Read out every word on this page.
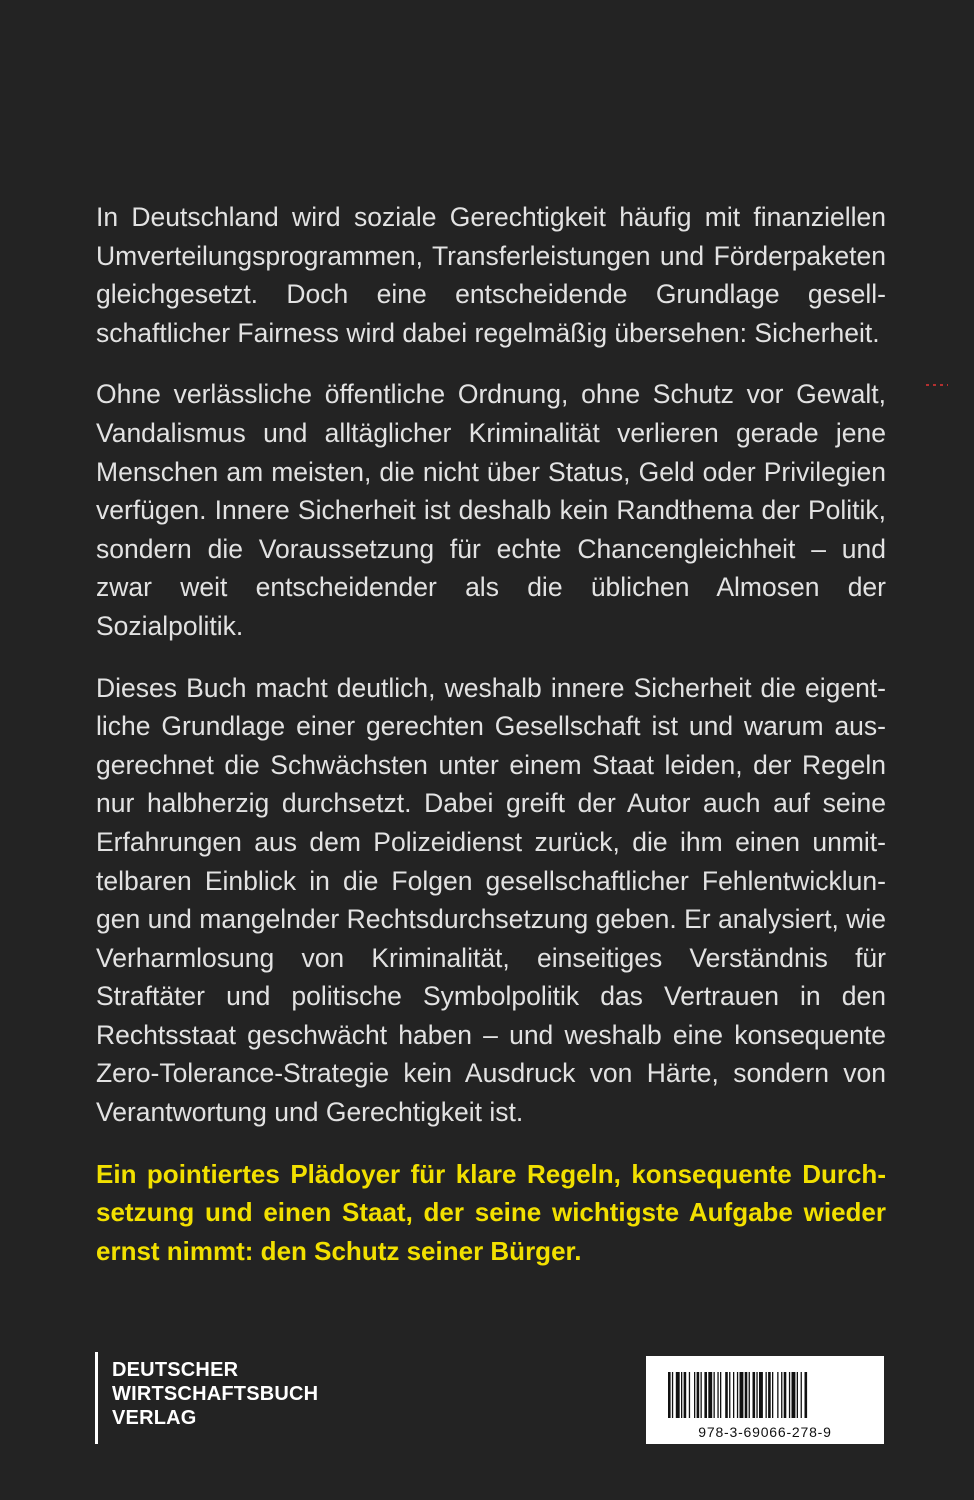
In Deutschland wird soziale Gerechtigkeit häufig mit finanziellen Umverteilungsprogrammen, Transferleistungen und Förderpaketen gleichgesetzt. Doch eine entscheidende Grundlage gesellschaftlicher Fairness wird dabei regelmäßig übersehen: Sicherheit.

Ohne verlässliche öffentliche Ordnung, ohne Schutz vor Gewalt, Vandalismus und alltäglicher Kriminalität verlieren gerade jene Menschen am meisten, die nicht über Status, Geld oder Privilegien verfügen. Innere Sicherheit ist deshalb kein Randthema der Politik, sondern die Voraussetzung für echte Chancengleichheit – und zwar weit entscheidender als die üblichen Almosen der Sozialpolitik.

Dieses Buch macht deutlich, weshalb innere Sicherheit die eigentliche Grundlage einer gerechten Gesellschaft ist und warum ausgerechnet die Schwächsten unter einem Staat leiden, der Regeln nur halbherzig durchsetzt. Dabei greift der Autor auch auf seine Erfahrungen aus dem Polizeidienst zurück, die ihm einen unmittelbaren Einblick in die Folgen gesellschaftlicher Fehlentwicklungen und mangelnder Rechtsdurchsetzung geben. Er analysiert, wie Verharmlosung von Kriminalität, einseitiges Verständnis für Straftäter und politische Symbolpolitik das Vertrauen in den Rechtsstaat geschwächt haben – und weshalb eine konsequente Zero-Tolerance-Strategie kein Ausdruck von Härte, sondern von Verantwortung und Gerechtigkeit ist.

Ein pointiertes Plädoyer für klare Regeln, konsequente Durchsetzung und einen Staat, der seine wichtigste Aufgabe wieder ernst nimmt: den Schutz seiner Bürger.

DEUTSCHER
WIRTSCHAFTSBUCH
VERLAG
978-3-69066-278-9
